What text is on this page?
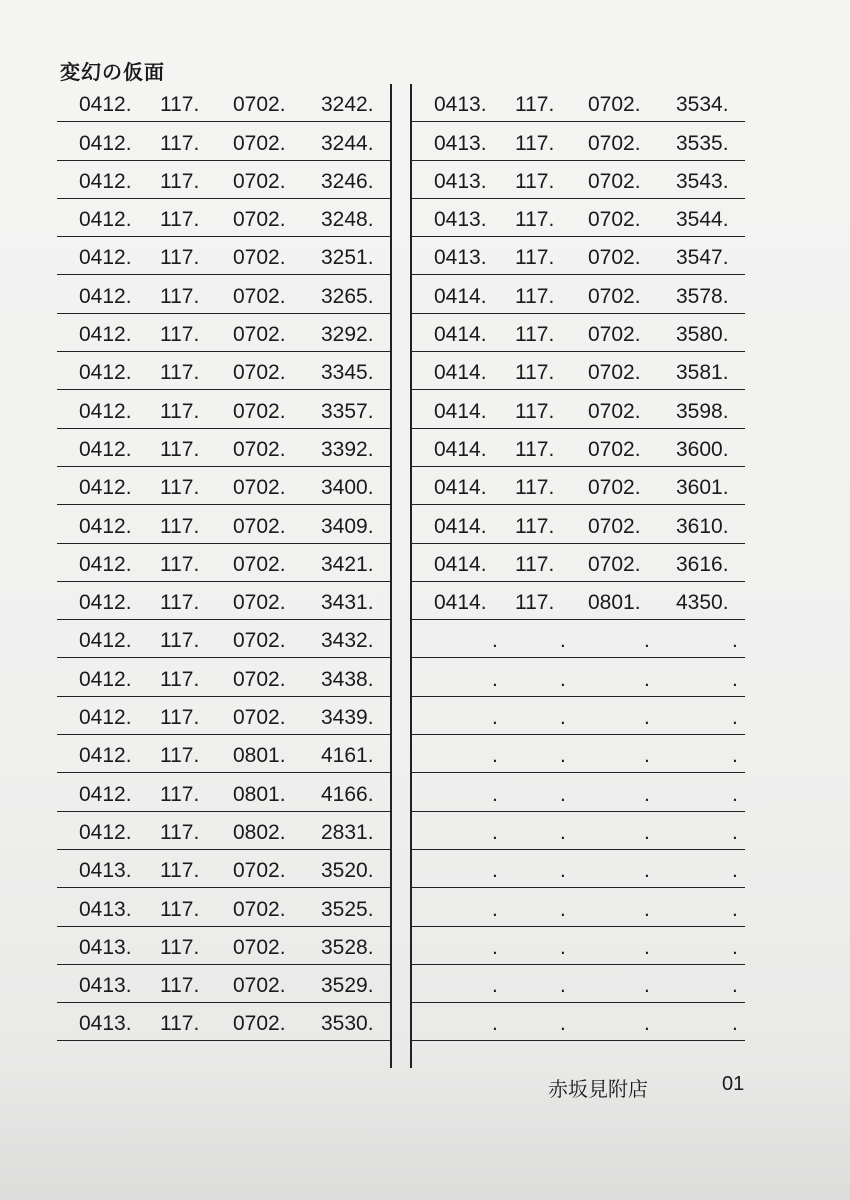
変幻の仮面
0412. 117. 0702. 3242.
0412. 117. 0702. 3244.
0412. 117. 0702. 3246.
0412. 117. 0702. 3248.
0412. 117. 0702. 3251.
0412. 117. 0702. 3265.
0412. 117. 0702. 3292.
0412. 117. 0702. 3345.
0412. 117. 0702. 3357.
0412. 117. 0702. 3392.
0412. 117. 0702. 3400.
0412. 117. 0702. 3409.
0412. 117. 0702. 3421.
0412. 117. 0702. 3431.
0412. 117. 0702. 3432.
0412. 117. 0702. 3438.
0412. 117. 0702. 3439.
0412. 117. 0801. 4161.
0412. 117. 0801. 4166.
0412. 117. 0802. 2831.
0413. 117. 0702. 3520.
0413. 117. 0702. 3525.
0413. 117. 0702. 3528.
0413. 117. 0702. 3529.
0413. 117. 0702. 3530.
0413. 117. 0702. 3534.
0413. 117. 0702. 3535.
0413. 117. 0702. 3543.
0413. 117. 0702. 3544.
0413. 117. 0702. 3547.
0414. 117. 0702. 3578.
0414. 117. 0702. 3580.
0414. 117. 0702. 3581.
0414. 117. 0702. 3598.
0414. 117. 0702. 3600.
0414. 117. 0702. 3601.
0414. 117. 0702. 3610.
0414. 117. 0702. 3616.
0414. 117. 0801. 4350.
.	.	.	.
.	.	.	.
.	.	.	.
.	.	.	.
.	.	.	.
.	.	.	.
.	.	.	.
.	.	.	.
.	.	.	.
.	.	.	.
.	.	.	.
赤坂見附店	01
